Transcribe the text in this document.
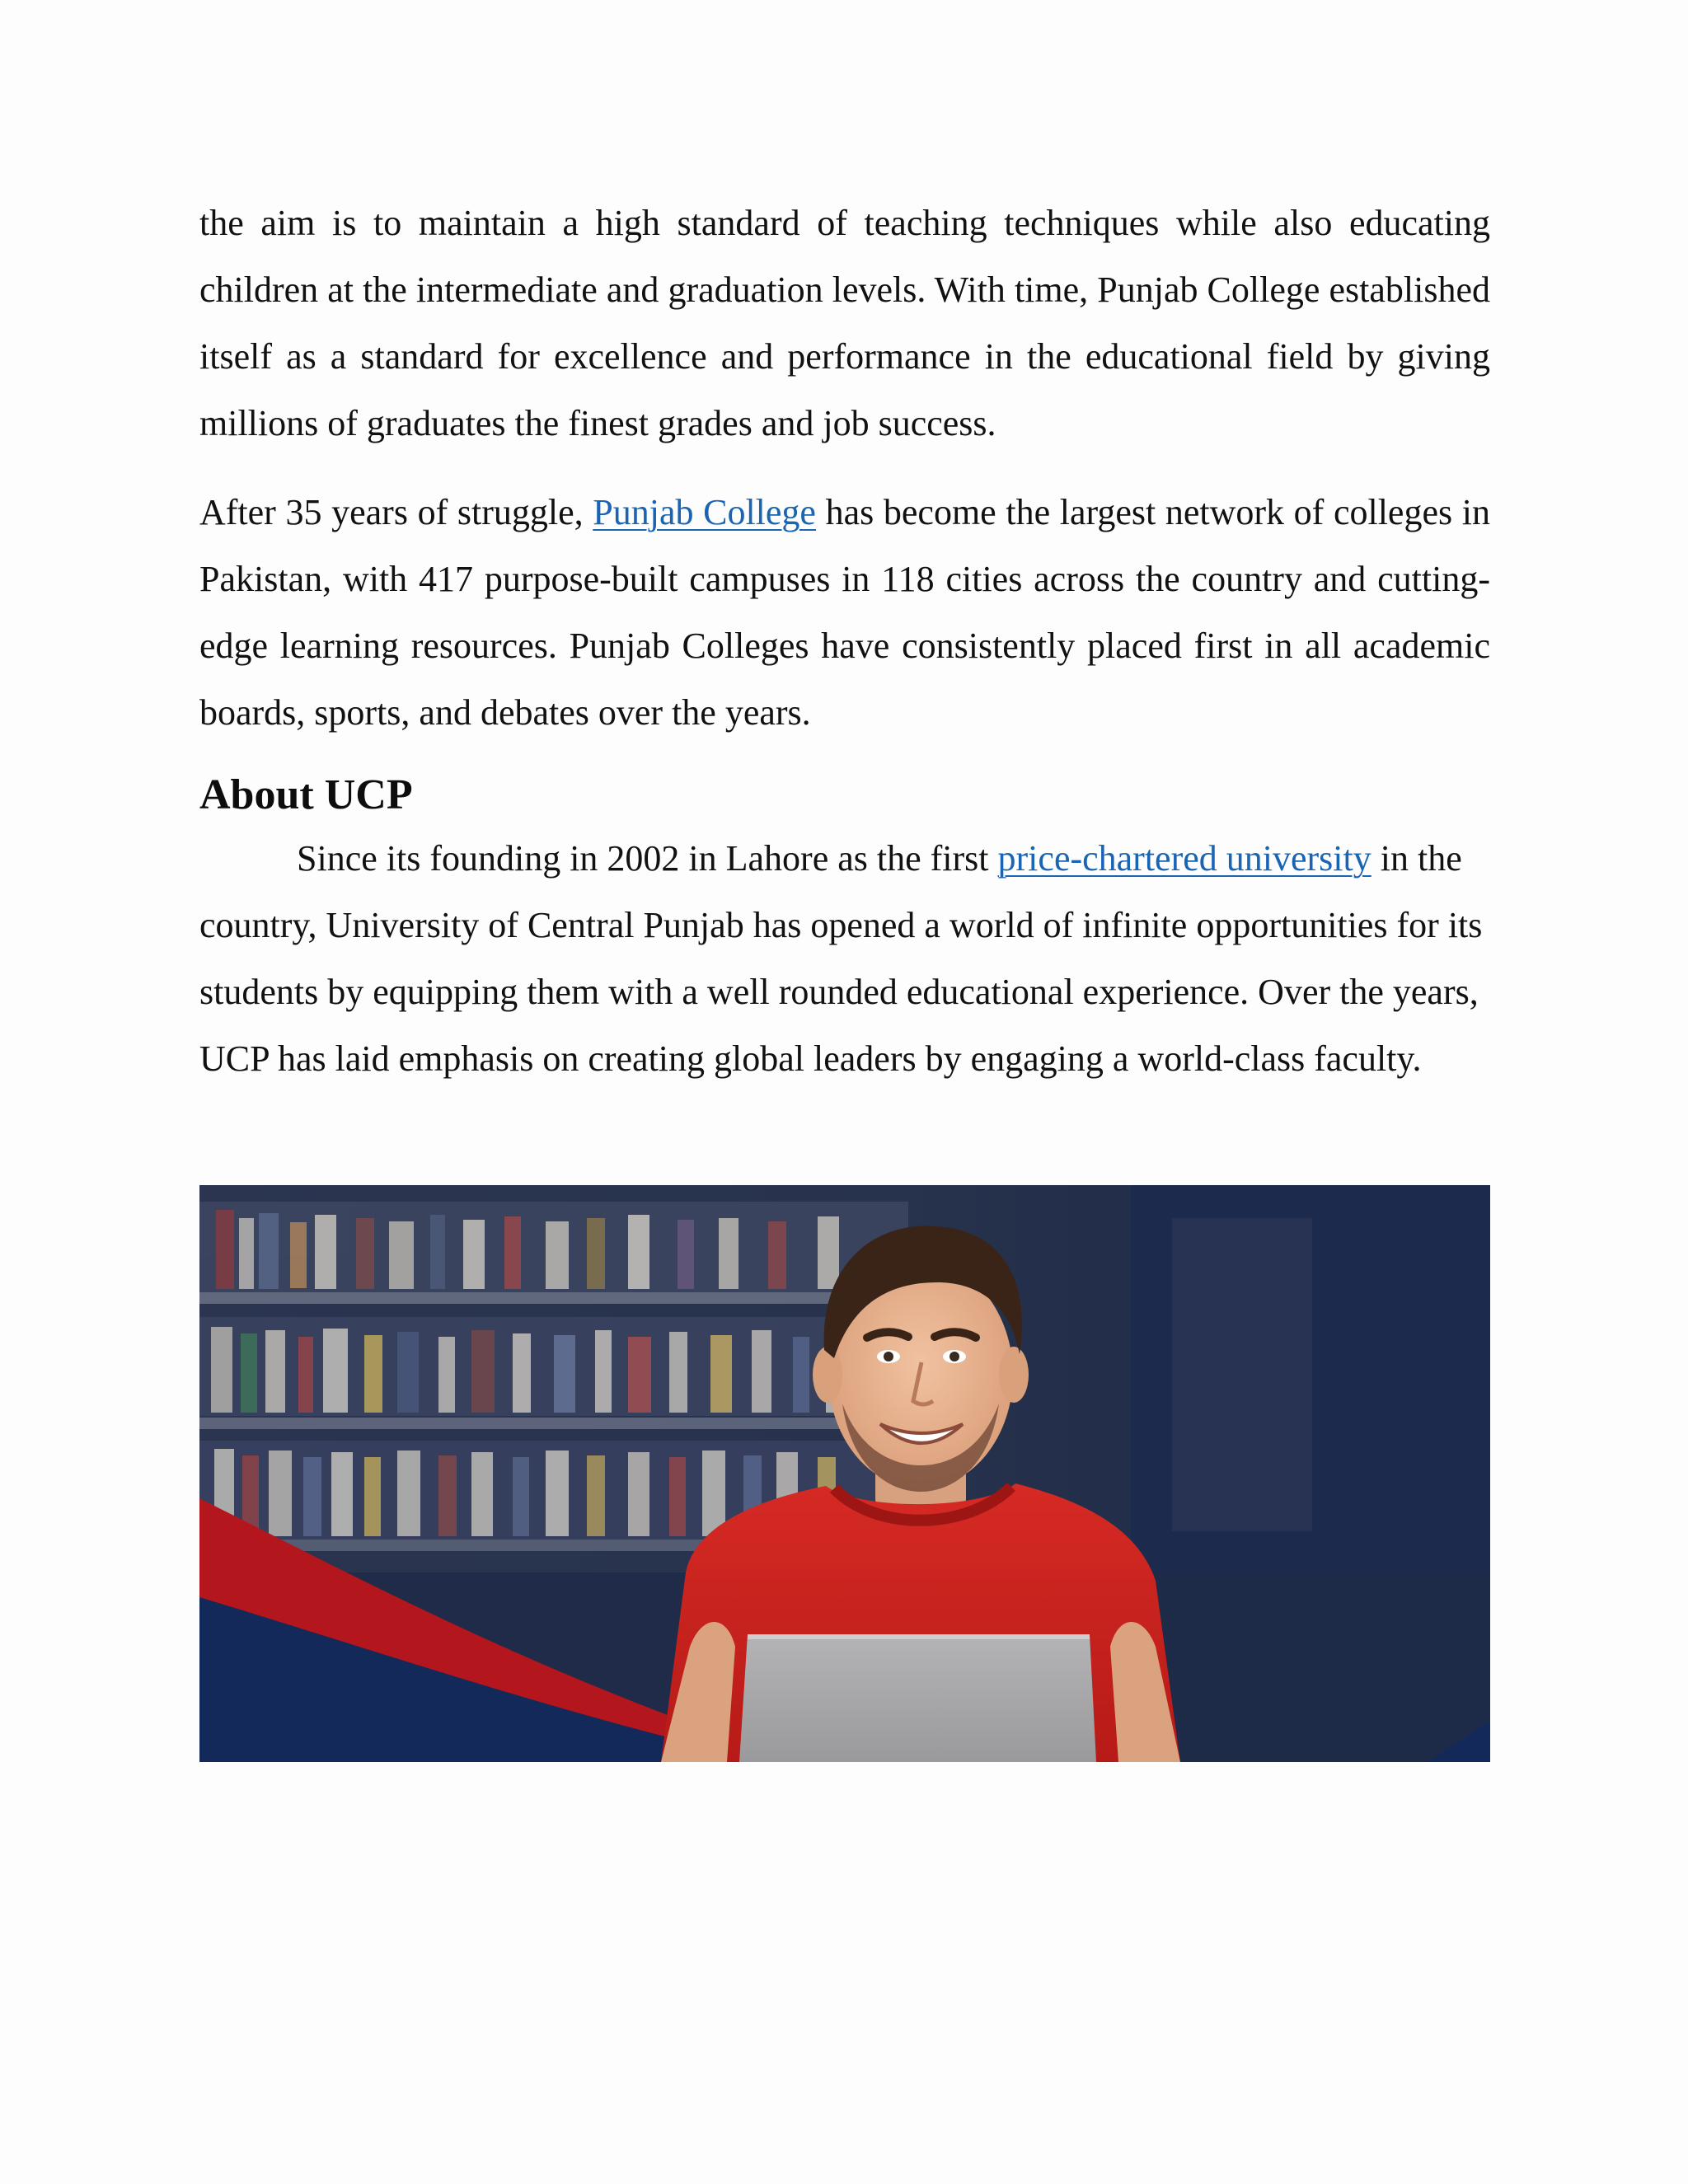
the aim is to maintain a high standard of teaching techniques while also educating children at the intermediate and graduation levels. With time, Punjab College established itself as a standard for excellence and performance in the educational field by giving millions of graduates the finest grades and job success.

After 35 years of struggle, Punjab College has become the largest network of colleges in Pakistan, with 417 purpose-built campuses in 118 cities across the country and cutting-edge learning resources. Punjab Colleges have consistently placed first in all academic boards, sports, and debates over the years.

About UCP

Since its founding in 2002 in Lahore as the first price-chartered university in the country, University of Central Punjab has opened a world of infinite opportunities for its students by equipping them with a well rounded educational experience. Over the years, UCP has laid emphasis on creating global leaders by engaging a world-class faculty.
